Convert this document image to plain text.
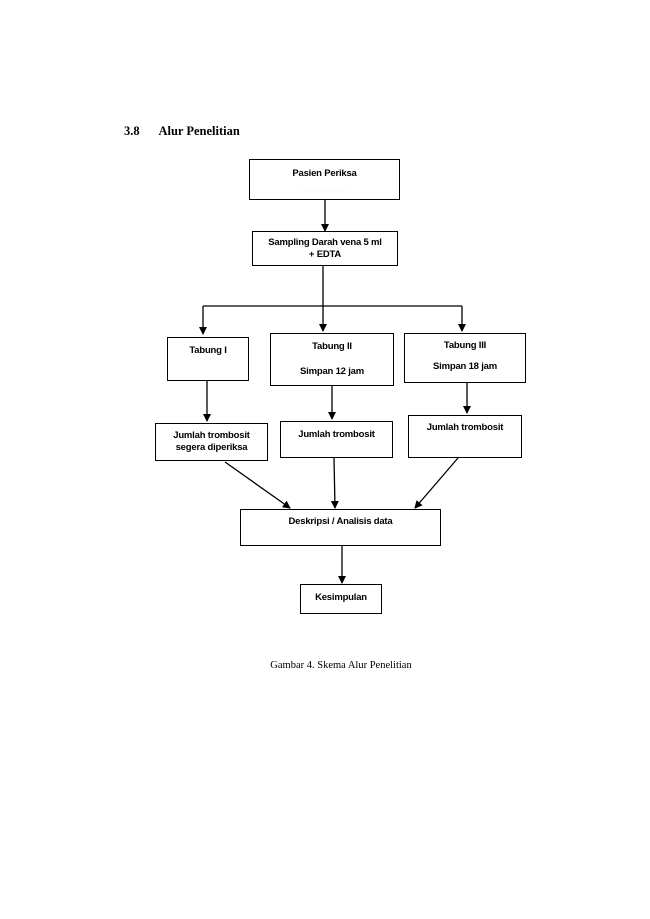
3.8 Alur Penelitian
Pasien Periksa
..... . .. . ... . . ... .. . . .
Sampling Darah vena 5 ml
+ EDTA
Tabung I	Tabung II
Simpan 12 jam
Tabung III
Simpan 18 jam
Jumlah trombosit
segera diperiksa
Jumlah trombosit
Jumlah trombosit
Deskripsi / Analisis data
Kesimpulan
Gambar 4. Skema Alur Penelitian
